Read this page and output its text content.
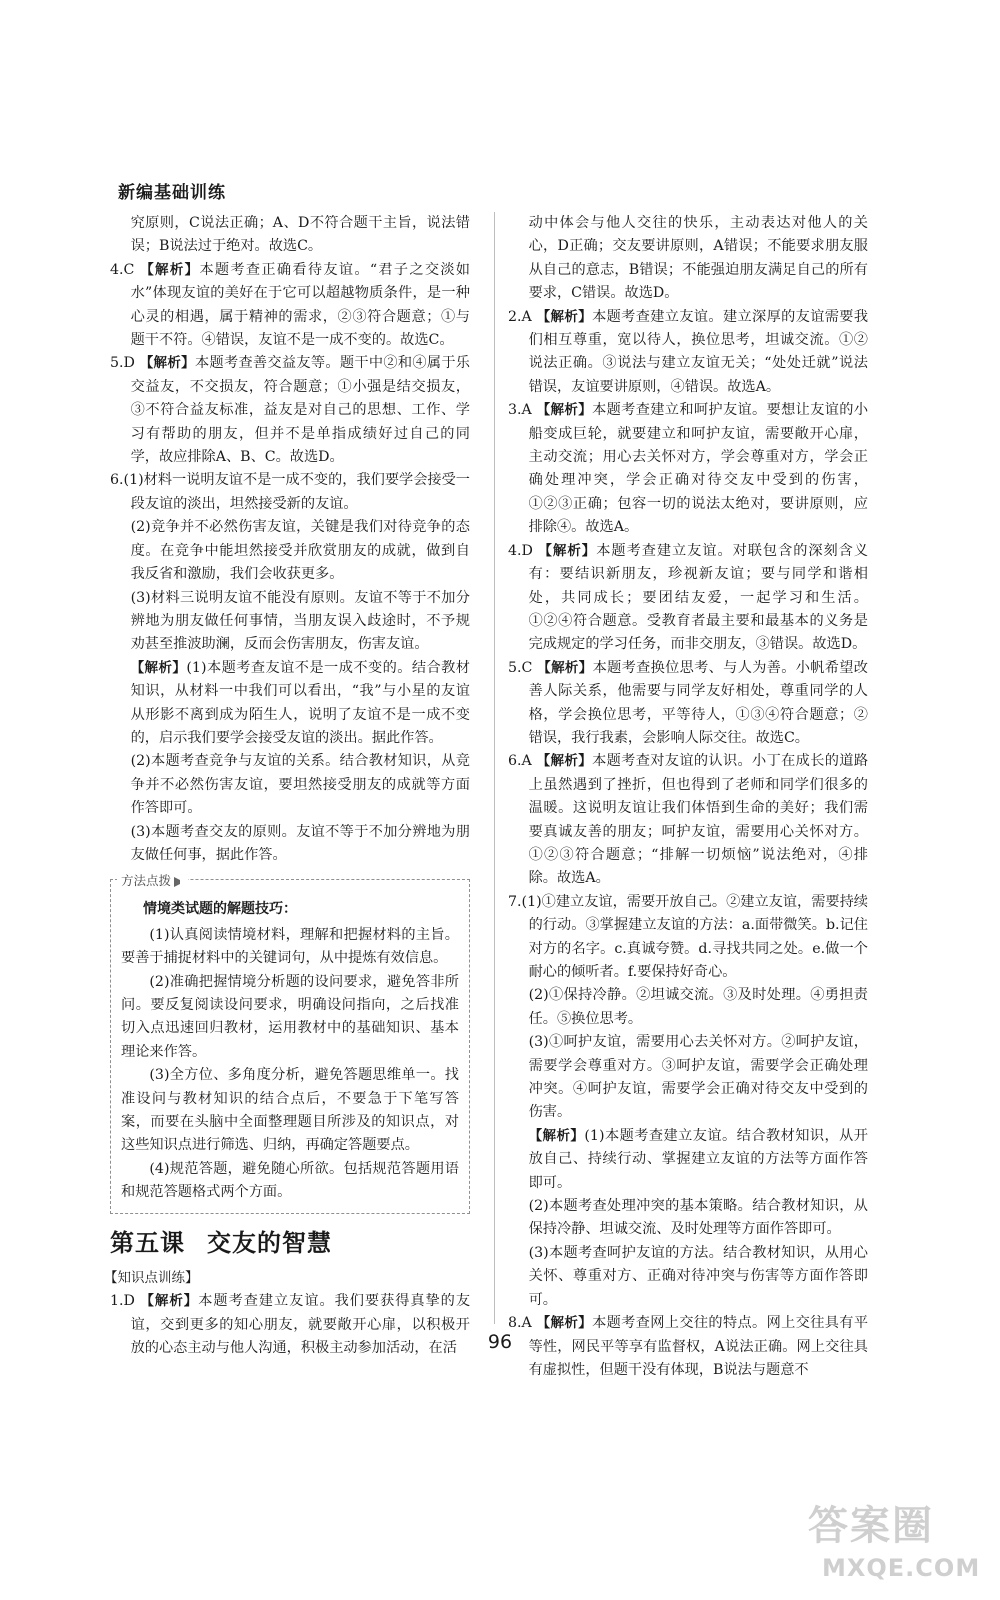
新编基础训练

究原则，C说法正确；A、D不符合题干主旨，说法错误；B说法过于绝对。故选C。

4.C 【解析】本题考查正确看待友谊。“君子之交淡如水”体现友谊的美好在于它可以超越物质条件，是一种心灵的相遇，属于精神的需求，②③符合题意；①与题干不符。④错误，友谊不是一成不变的。故选C。

5.D 【解析】本题考查善交益友等。题干中②和④属于乐交益友，不交损友，符合题意；①小强是结交损友，③不符合益友标准，益友是对自己的思想、工作、学习有帮助的朋友，但并不是单指成绩好过自己的同学，故应排除A、B、C。故选D。

6.(1)材料一说明友谊不是一成不变的，我们要学会接受一段友谊的淡出，坦然接受新的友谊。

(2)竞争并不必然伤害友谊，关键是我们对待竞争的态度。在竞争中能坦然接受并欣赏朋友的成就，做到自我反省和激励，我们会收获更多。

(3)材料三说明友谊不能没有原则。友谊不等于不加分辨地为朋友做任何事情，当朋友误入歧途时，不予规劝甚至推波助澜，反而会伤害朋友，伤害友谊。

【解析】(1)本题考查友谊不是一成不变的。结合教材知识，从材料一中我们可以看出，“我”与小星的友谊从形影不离到成为陌生人，说明了友谊不是一成不变的，启示我们要学会接受友谊的淡出。据此作答。

(2)本题考查竞争与友谊的关系。结合教材知识，从竞争并不必然伤害友谊，要坦然接受朋友的成就等方面作答即可。

(3)本题考查交友的原则。友谊不等于不加分辨地为朋友做任何事，据此作答。

方法点拨

情境类试题的解题技巧：

(1)认真阅读情境材料，理解和把握材料的主旨。要善于捕捉材料中的关键词句，从中提炼有效信息。

(2)准确把握情境分析题的设问要求，避免答非所问。要反复阅读设问要求，明确设问指向，之后找准切入点迅速回归教材，运用教材中的基础知识、基本理论来作答。

(3)全方位、多角度分析，避免答题思维单一。找准设问与教材知识的结合点后，不要急于下笔写答案，而要在头脑中全面整理题目所涉及的知识点，对这些知识点进行筛选、归纳，再确定答题要点。

(4)规范答题，避免随心所欲。包括规范答题用语和规范答题格式两个方面。

第五课 交友的智慧

【知识点训练】

1.D 【解析】本题考查建立友谊。我们要获得真挚的友谊，交到更多的知心朋友，就要敞开心扉，以积极开放的心态主动与他人沟通，积极主动参加活动，在活

动中体会与他人交往的快乐，主动表达对他人的关心，D正确；交友要讲原则，A错误；不能要求朋友服从自己的意志，B错误；不能强迫朋友满足自己的所有要求，C错误。故选D。

2.A 【解析】本题考查建立友谊。建立深厚的友谊需要我们相互尊重，宽以待人，换位思考，坦诚交流。①②说法正确。③说法与建立友谊无关；“处处迁就”说法错误，友谊要讲原则，④错误。故选A。

3.A 【解析】本题考查建立和呵护友谊。要想让友谊的小船变成巨轮，就要建立和呵护友谊，需要敞开心扉，主动交流；用心去关怀对方，学会尊重对方，学会正确处理冲突，学会正确对待交友中受到的伤害，①②③正确；包容一切的说法太绝对，要讲原则，应排除④。故选A。

4.D 【解析】本题考查建立友谊。对联包含的深刻含义有：要结识新朋友，珍视新友谊；要与同学和谐相处，共同成长；要团结友爱，一起学习和生活。①②④符合题意。受教育者最主要和最基本的义务是完成规定的学习任务，而非交朋友，③错误。故选D。

5.C 【解析】本题考查换位思考、与人为善。小帆希望改善人际关系，他需要与同学友好相处，尊重同学的人格，学会换位思考，平等待人，①③④符合题意；②错误，我行我素，会影响人际交往。故选C。

6.A 【解析】本题考查对友谊的认识。小丁在成长的道路上虽然遇到了挫折，但也得到了老师和同学们很多的温暖。这说明友谊让我们体悟到生命的美好；我们需要真诚友善的朋友；呵护友谊，需要用心关怀对方。①②③符合题意；“排解一切烦恼”说法绝对，④排除。故选A。

7.(1)①建立友谊，需要开放自己。②建立友谊，需要持续的行动。③掌握建立友谊的方法：a.面带微笑。b.记住对方的名字。c.真诚夸赞。d.寻找共同之处。e.做一个耐心的倾听者。f.要保持好奇心。

(2)①保持冷静。②坦诚交流。③及时处理。④勇担责任。⑤换位思考。

(3)①呵护友谊，需要用心去关怀对方。②呵护友谊，需要学会尊重对方。③呵护友谊，需要学会正确处理冲突。④呵护友谊，需要学会正确对待交友中受到的伤害。

【解析】(1)本题考查建立友谊。结合教材知识，从开放自己、持续行动、掌握建立友谊的方法等方面作答即可。

(2)本题考查处理冲突的基本策略。结合教材知识，从保持冷静、坦诚交流、及时处理等方面作答即可。

(3)本题考查呵护友谊的方法。结合教材知识，从用心关怀、尊重对方、正确对待冲突与伤害等方面作答即可。

8.A 【解析】本题考查网上交往的特点。网上交往具有平等性，网民平等享有监督权，A说法正确。网上交往具有虚拟性，但题干没有体现，B说法与题意不

96
答案圈
MXQE.COM
